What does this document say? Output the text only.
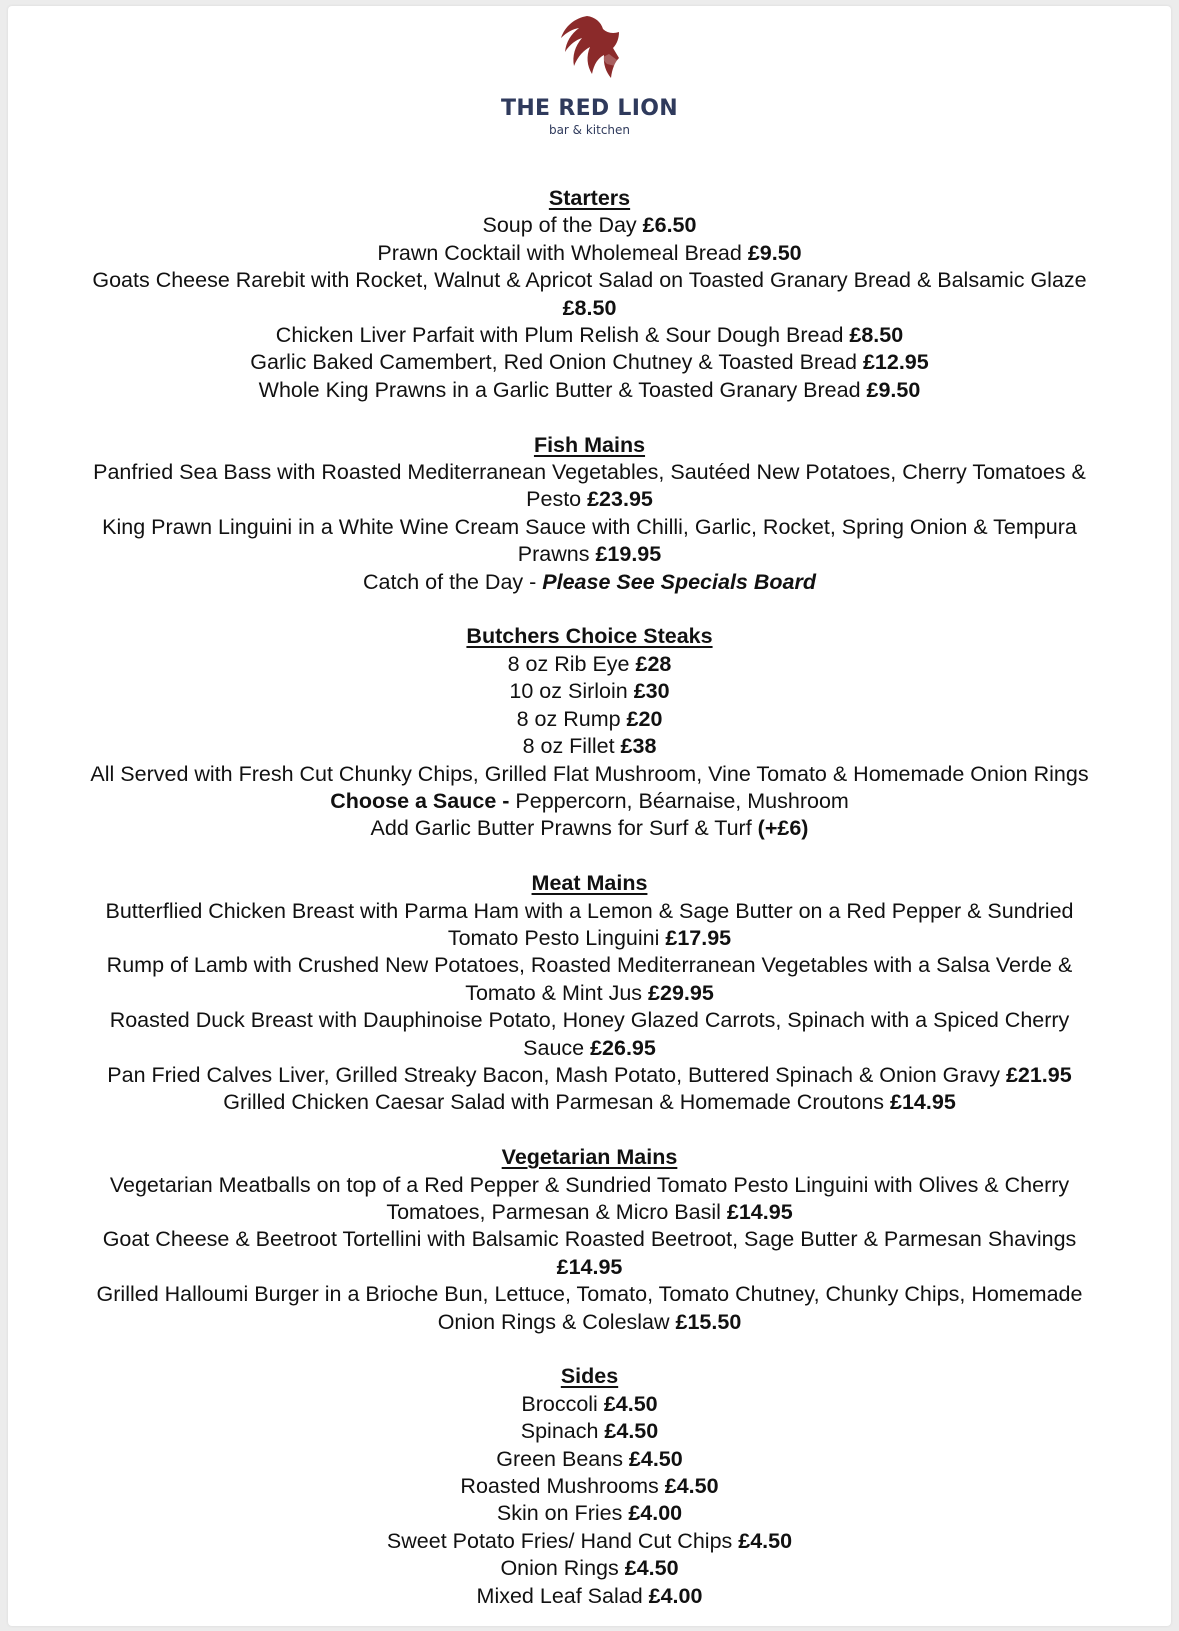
THE RED LION
bar & kitchen
Starters
Soup of the Day £6.50
Prawn Cocktail with Wholemeal Bread £9.50
Goats Cheese Rarebit with Rocket, Walnut & Apricot Salad on Toasted Granary Bread & Balsamic Glaze
£8.50
Chicken Liver Parfait with Plum Relish & Sour Dough Bread £8.50
Garlic Baked Camembert, Red Onion Chutney & Toasted Bread £12.95
Whole King Prawns in a Garlic Butter & Toasted Granary Bread £9.50
Fish Mains
Panfried Sea Bass with Roasted Mediterranean Vegetables, Sautéed New Potatoes, Cherry Tomatoes &
Pesto £23.95
King Prawn Linguini in a White Wine Cream Sauce with Chilli, Garlic, Rocket, Spring Onion & Tempura
Prawns £19.95
Catch of the Day - Please See Specials Board
Butchers Choice Steaks
8 oz Rib Eye £28
10 oz Sirloin £30
8 oz Rump £20
8 oz Fillet £38
All Served with Fresh Cut Chunky Chips, Grilled Flat Mushroom, Vine Tomato & Homemade Onion Rings
Choose a Sauce - Peppercorn, Béarnaise, Mushroom
Add Garlic Butter Prawns for Surf & Turf (+£6)
Meat Mains
Butterflied Chicken Breast with Parma Ham with a Lemon & Sage Butter on a Red Pepper & Sundried
Tomato Pesto Linguini £17.95
Rump of Lamb with Crushed New Potatoes, Roasted Mediterranean Vegetables with a Salsa Verde &
Tomato & Mint Jus £29.95
Roasted Duck Breast with Dauphinoise Potato, Honey Glazed Carrots, Spinach with a Spiced Cherry
Sauce £26.95
Pan Fried Calves Liver, Grilled Streaky Bacon, Mash Potato, Buttered Spinach & Onion Gravy £21.95
Grilled Chicken Caesar Salad with Parmesan & Homemade Croutons £14.95
Vegetarian Mains
Vegetarian Meatballs on top of a Red Pepper & Sundried Tomato Pesto Linguini with Olives & Cherry
Tomatoes, Parmesan & Micro Basil £14.95
Goat Cheese & Beetroot Tortellini with Balsamic Roasted Beetroot, Sage Butter & Parmesan Shavings
£14.95
Grilled Halloumi Burger in a Brioche Bun, Lettuce, Tomato, Tomato Chutney, Chunky Chips, Homemade
Onion Rings & Coleslaw £15.50
Sides
Broccoli £4.50
Spinach £4.50
Green Beans £4.50
Roasted Mushrooms £4.50
Skin on Fries £4.00
Sweet Potato Fries/ Hand Cut Chips £4.50
Onion Rings £4.50
Mixed Leaf Salad £4.00
